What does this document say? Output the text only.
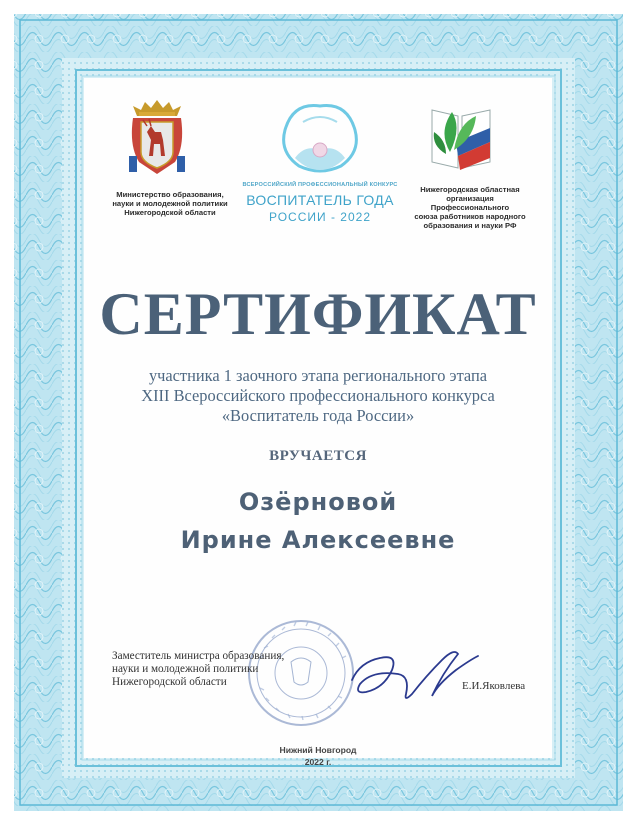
Министерство образования,
науки и молодежной политики
Нижегородской области
ВСЕРОССИЙСКИЙ ПРОФЕССИОНАЛЬНЫЙ КОНКУРС
ВОСПИТАТЕЛЬ ГОДА
РОССИИ - 2022
Нижегородская областная
организация Профессионального
союза работников народного
образования и науки РФ
СЕРТИФИКАТ
участника 1 заочного этапа регионального этапа
XIII Всероссийского профессионального конкурса
«Воспитатель года России»
ВРУЧАЕТСЯ
Озёрновой
Ирине Алексеевне
Заместитель министра образования,
науки и молодежной политики
Нижегородской области	Е.И.Яковлева
Нижний Новгород
2022 г.
